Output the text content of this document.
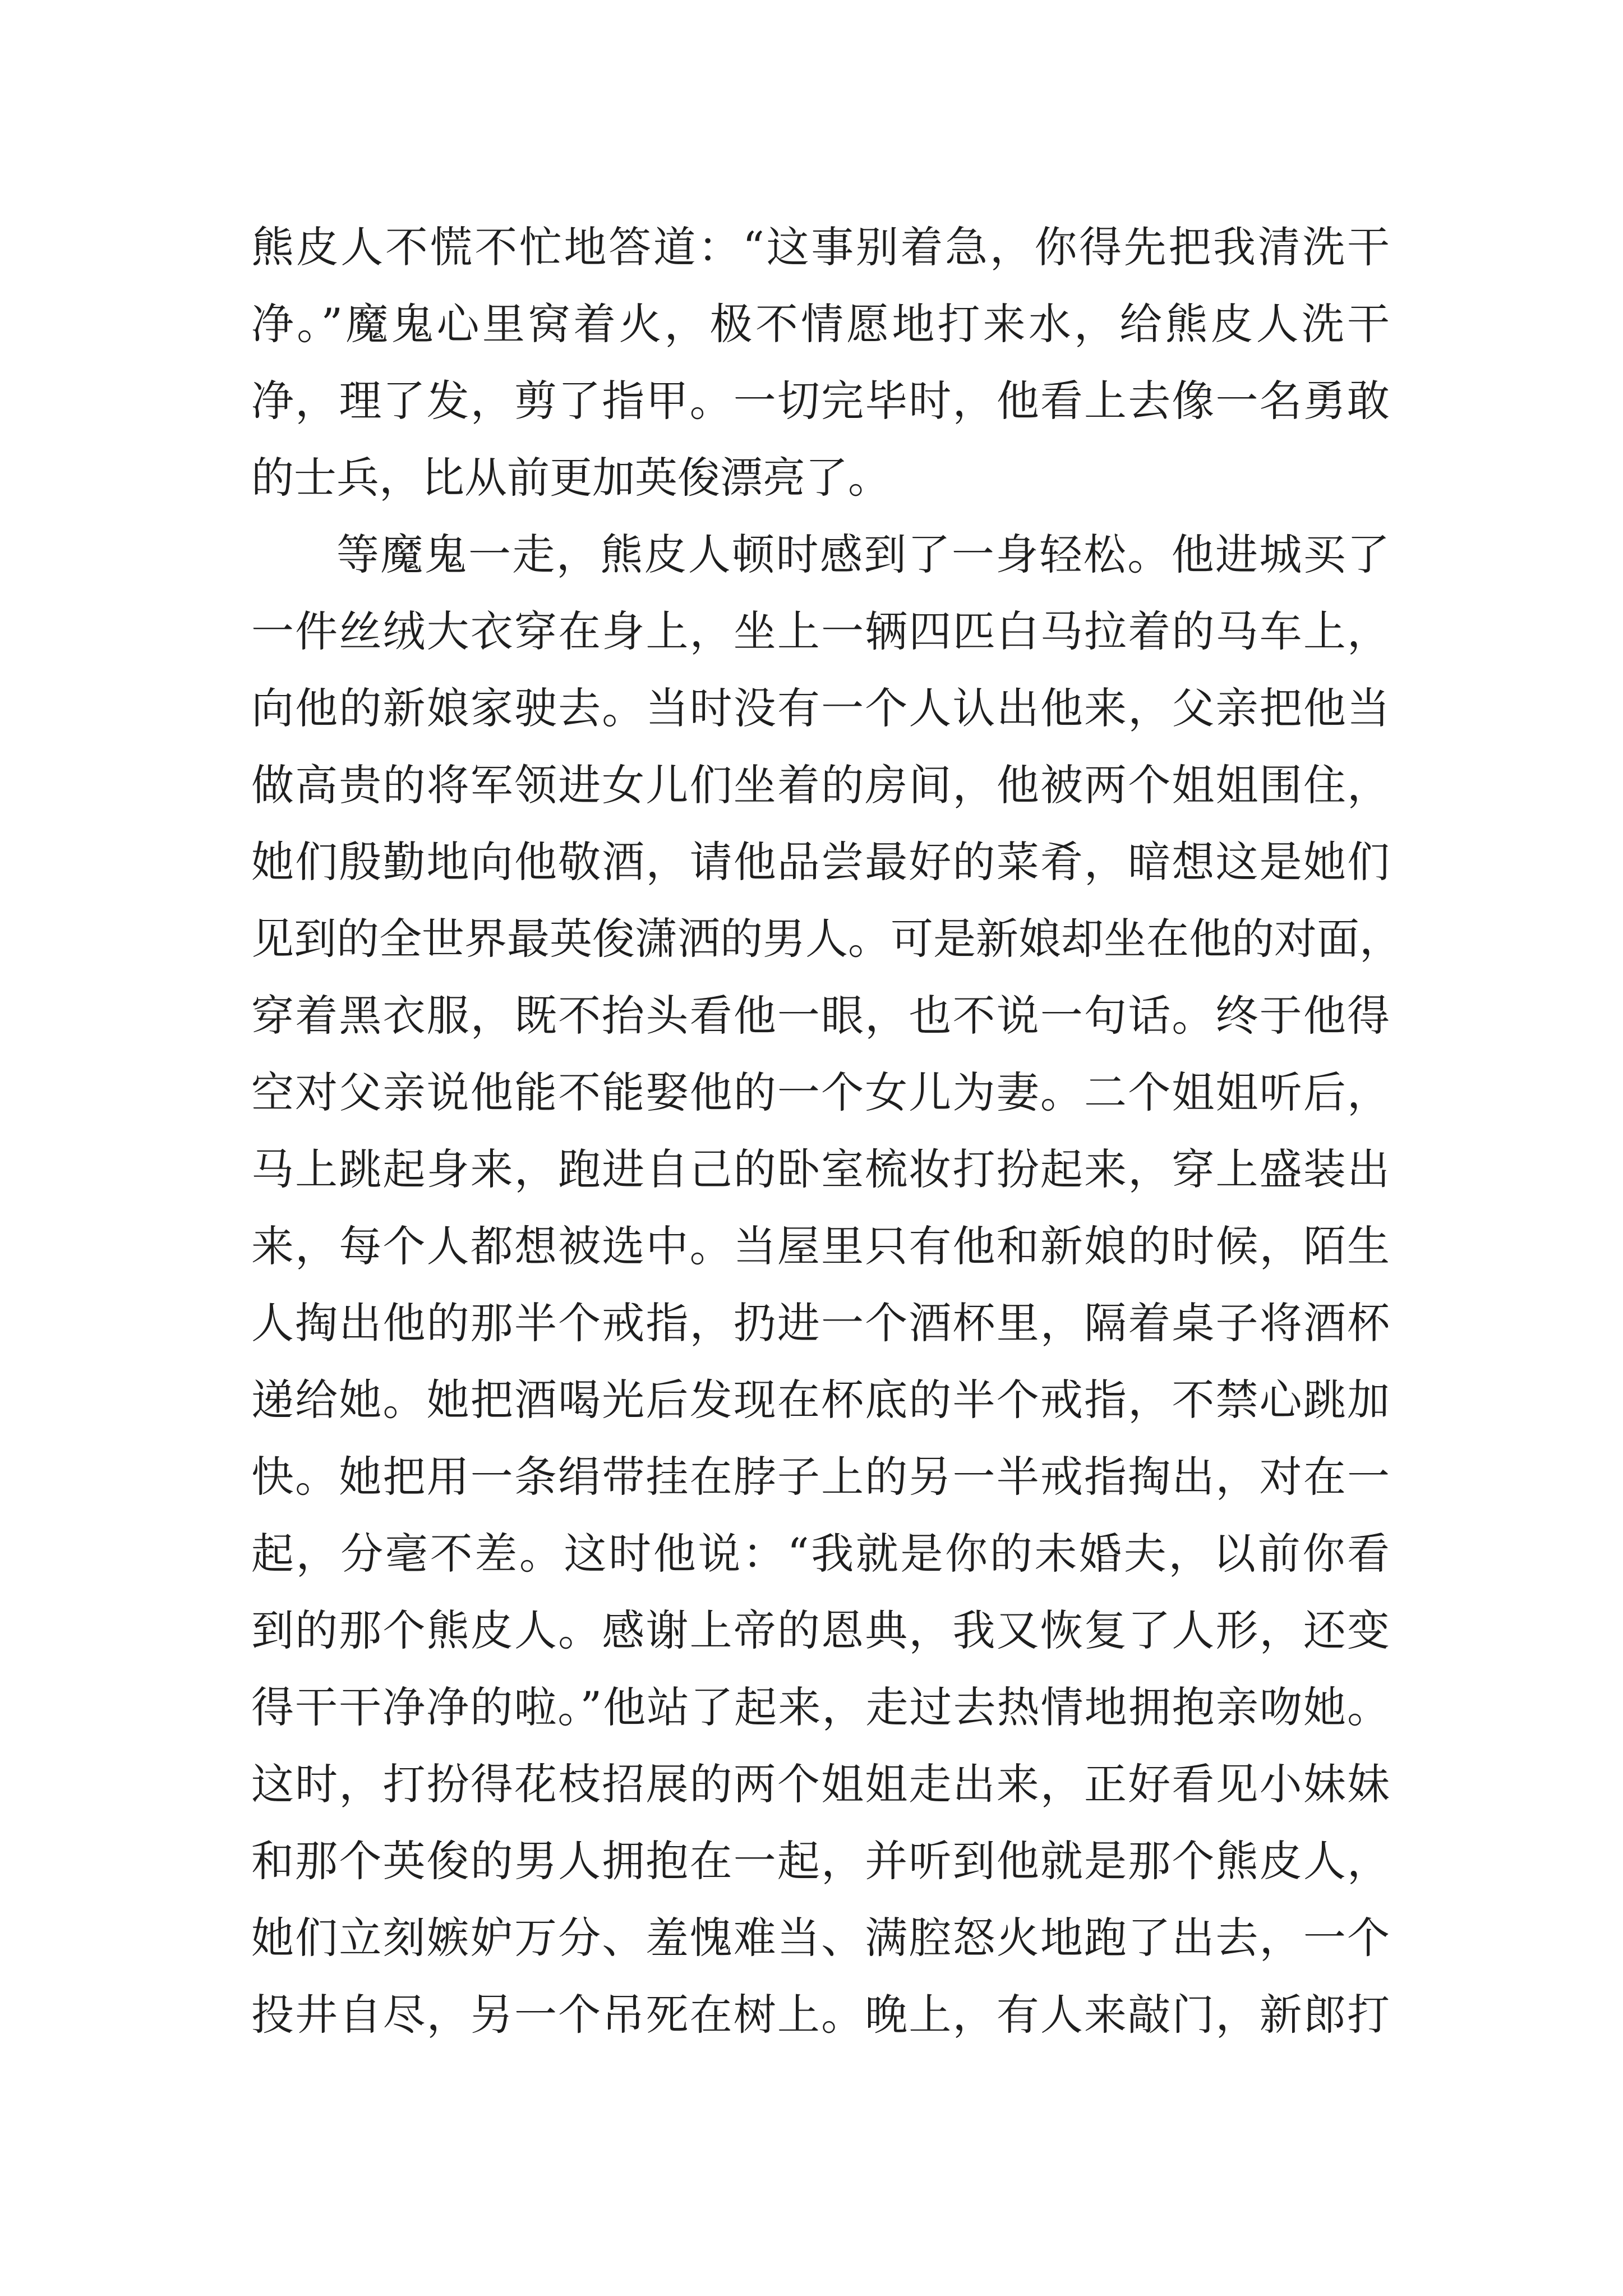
熊皮人不慌不忙地答道：“这事别着急，你得先把我清洗干
净。”魔鬼心里窝着火，极不情愿地打来水，给熊皮人洗干
净，理了发，剪了指甲。一切完毕时，他看上去像一名勇敢
的士兵，比从前更加英俊漂亮了。
等魔鬼一走，熊皮人顿时感到了一身轻松。他进城买了
一件丝绒大衣穿在身上，坐上一辆四匹白马拉着的马车上，
向他的新娘家驶去。当时没有一个人认出他来，父亲把他当
做高贵的将军领进女儿们坐着的房间，他被两个姐姐围住，
她们殷勤地向他敬酒，请他品尝最好的菜肴，暗想这是她们
见到的全世界最英俊潇洒的男人。可是新娘却坐在他的对面，
穿着黑衣服，既不抬头看他一眼，也不说一句话。终于他得
空对父亲说他能不能娶他的一个女儿为妻。二个姐姐听后，
马上跳起身来，跑进自己的卧室梳妆打扮起来，穿上盛装出
来，每个人都想被选中。当屋里只有他和新娘的时候，陌生
人掏出他的那半个戒指，扔进一个酒杯里，隔着桌子将酒杯
递给她。她把酒喝光后发现在杯底的半个戒指，不禁心跳加
快。她把用一条绢带挂在脖子上的另一半戒指掏出，对在一
起，分毫不差。这时他说：“我就是你的未婚夫，以前你看
到的那个熊皮人。感谢上帝的恩典，我又恢复了人形，还变
得干干净净的啦。”他站了起来，走过去热情地拥抱亲吻她。
这时，打扮得花枝招展的两个姐姐走出来，正好看见小妹妹
和那个英俊的男人拥抱在一起，并听到他就是那个熊皮人，
她们立刻嫉妒万分、羞愧难当、满腔怒火地跑了出去，一个
投井自尽，另一个吊死在树上。晚上，有人来敲门，新郎打
